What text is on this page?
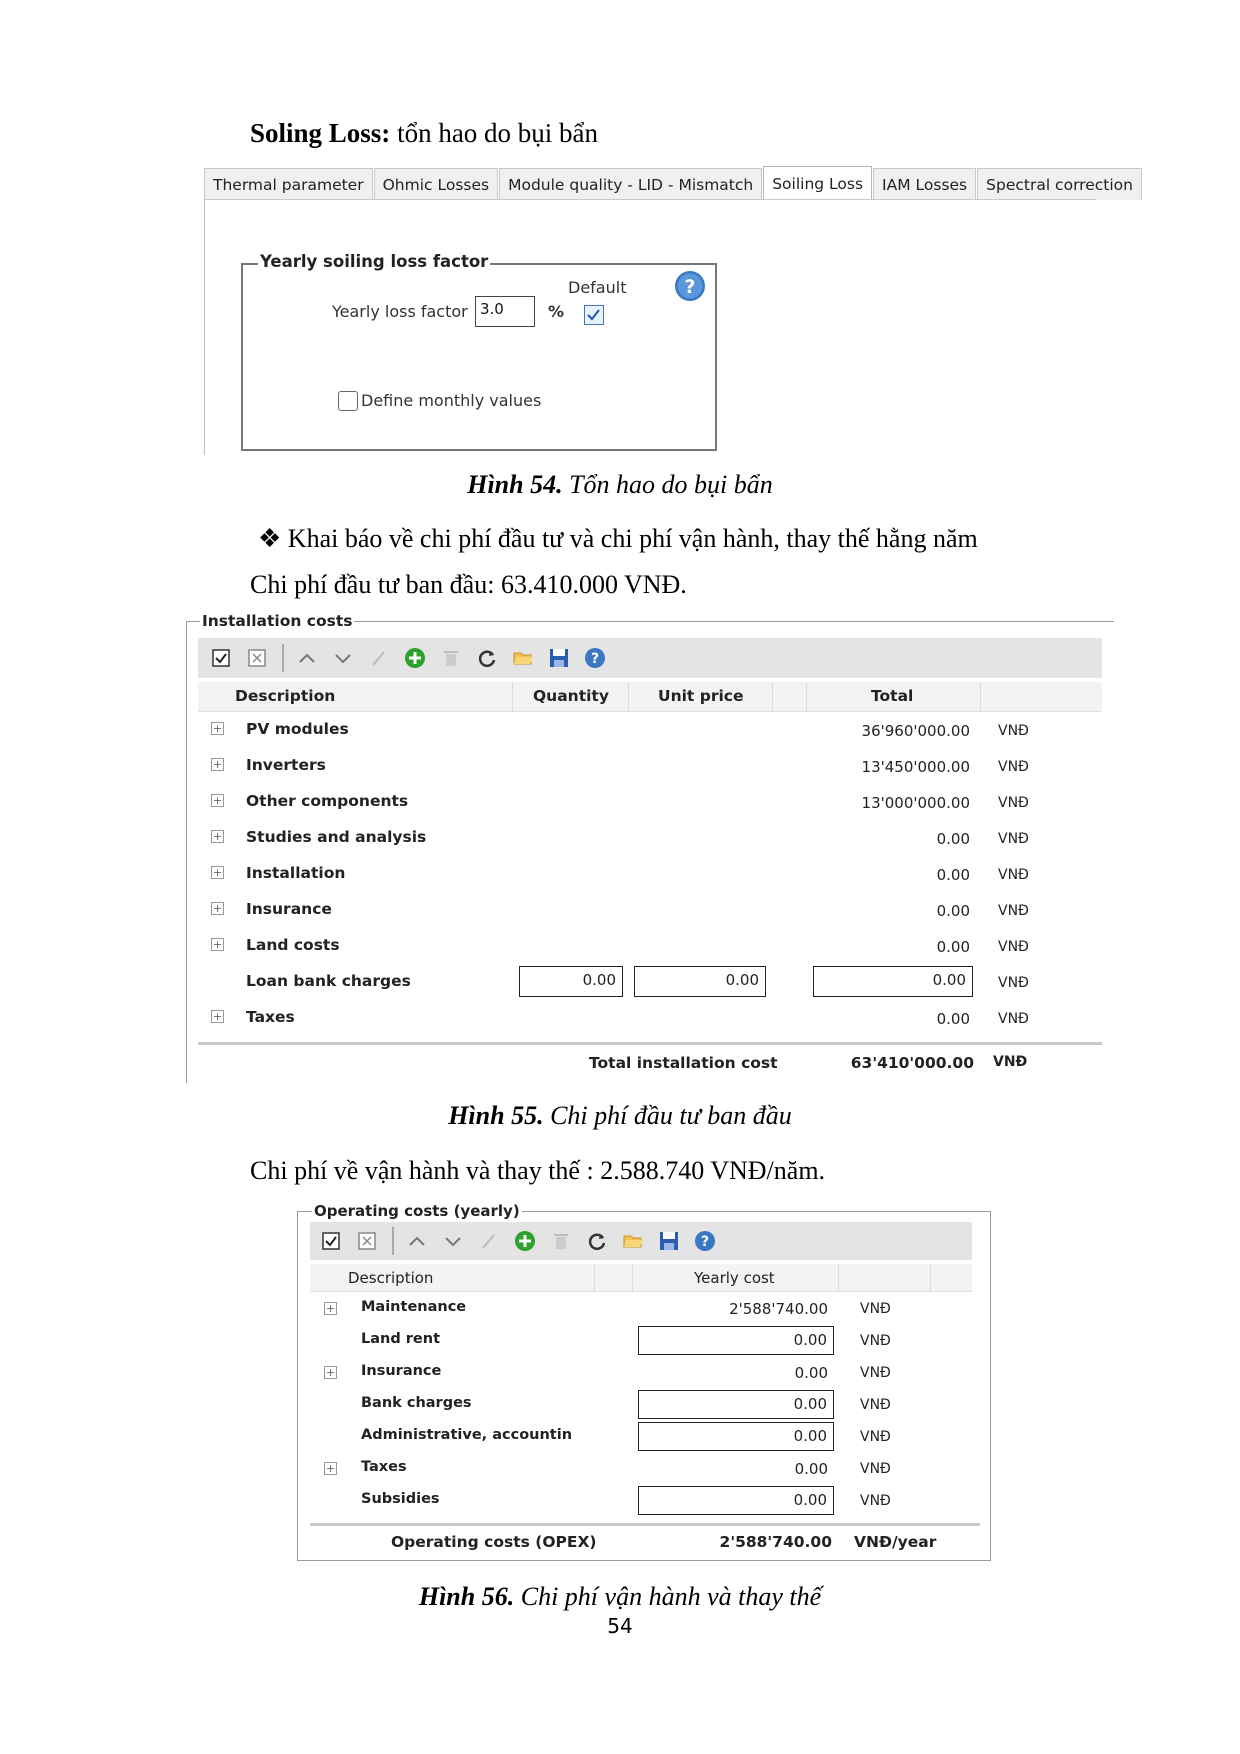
Soling Loss: tổn hao do bụi bẩn
Thermal parameter	Ohmic Losses	Module quality - LID - Mismatch	Soiling Loss	IAM Losses	Spectral correction
Yearly soiling loss factor
Default
Yearly loss factor 3.0	%
?
Define monthly values
Hình 54. Tổn hao do bụi bẩn
❖ Khai báo về chi phí đầu tư và chi phí vận hành, thay thế hằng năm
Chi phí đầu tư ban đầu: 63.410.000 VNĐ.
Installation costs
?
Description	Quantity	Unit price	Total
+ PV modules	36'960'000.00 VNĐ
+ Inverters	13'450'000.00 VNĐ
+ Other components	13'000'000.00 VNĐ
+ Studies and analysis	0.00 VNĐ
+ Installation	0.00 VNĐ
+ Insurance	0.00 VNĐ
+ Land costs	0.00 VNĐ
Loan bank charges	0.00	0.00	0.00	VNĐ
+ Taxes	0.00 VNĐ
Total installation cost	63'410'000.00 VNĐ
Hình 55. Chi phí đầu tư ban đầu
Chi phí về vận hành và thay thế : 2.588.740 VNĐ/năm.
Operating costs (yearly)
?
Description	Yearly cost
+ Maintenance	2'588'740.00 VNĐ
Land rent	0.00	VNĐ
+ Insurance	0.00 VNĐ
Bank charges	0.00	VNĐ
Administrative, accountin	0.00	VNĐ
+ Taxes	0.00 VNĐ
Subsidies	0.00	VNĐ
Operating costs (OPEX)	2'588'740.00 VNĐ/year
Hình 56. Chi phí vận hành và thay thế
54
